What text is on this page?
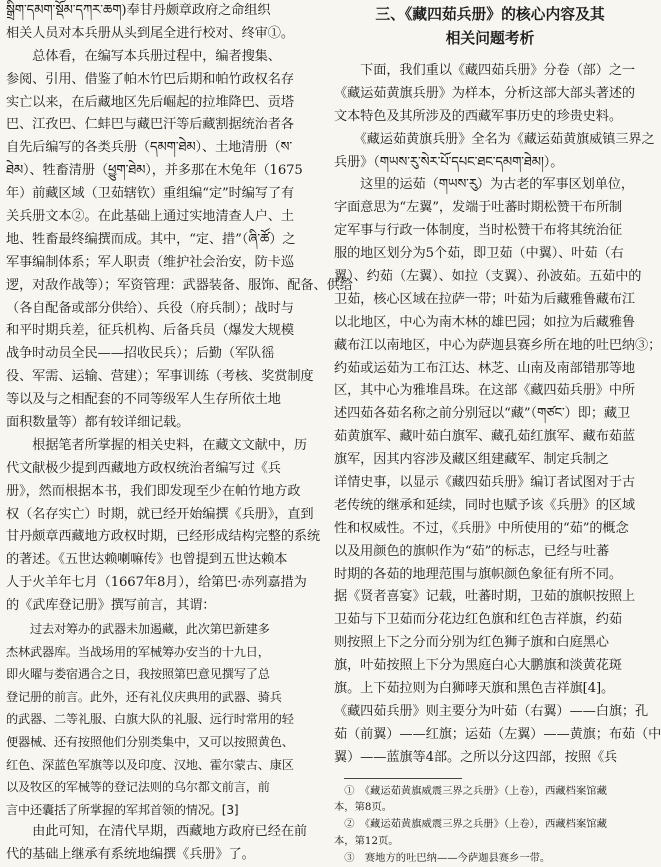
སྒྲིག་དམག་སྡོམ་དཀར་ཆག)奉甘丹颇章政府之命组织
相关人员对本兵册从头到尾全进行校对、终审①。
　　总体看，在编写本兵册过程中，编者搜集、
参阅、引用、借鉴了帕木竹巴后期和帕竹政权名存
实亡以来，在后藏地区先后崛起的拉堆降巴、贡塔
巴、江孜巴、仁蚌巴与藏巴汗等后藏割据统治者各
自先后编写的各类兵册（དམག་ཐེམ）、土地清册（ས་
ཐེམ）、牲畜清册（ཕྱུག་ཐེམ），并多那在木兔年（1675
年）前藏区域（卫茹辖钦）重组编“定”时编写了有
关兵册文本②。在此基础上通过实地清查人户、土
地、牲畜最终编撰而成。其中，“定、措”（ཞི་ཚོ）之
军事编制体系；军人职责（维护社会治安，防卡巡
逻，对敌作战等）；军资管理：武器装备、服饰、配备、供给
（各自配备或部分供给）、兵役（府兵制）；战时与
和平时期兵差，征兵机构、后备兵员（爆发大规模
战争时动员全民——招收民兵）；后勤（军队徭
役、军需、运输、营建）；军事训练（考核、奖赏制度
等以及与之相配套的不同等级军人生存所依土地
面积数量等）都有较详细记载。
　　根据笔者所掌握的相关史料，在藏文文献中，历
代文献极少提到西藏地方政权统治者编写过《兵
册》，然而根据本书，我们即发现至少在帕竹地方政
权（名存实亡）时期，就已经开始编撰《兵册》，直到
甘丹颇章西藏地方政权时期，已经形成结构完整的系统
的著述。《五世达赖喇嘛传》也曾提到五世达赖本
人于火羊年七月（1667年8月），给第巴·赤列嘉措为
的《武库登记册》撰写前言，其谓：
　　过去对筹办的武器未加遏藏，此次第巴新建多
杰林武器库。当战场用的军械筹办安当的十九日，
即火曜与娄宿遇合之日，我按照第巴意见撰写了总
登记册的前言。此外，还有礼仪庆典用的武器、骑兵
的武器、二等礼服、白旗大队的礼服、远行时常用的轻
便器械、还有按照他们分别类集中，又可以按照黄色、
红色、深蓝色军旗等以及印度、汉地、霍尔蒙古、康区
以及牧区的军械等的登记法则的乌尔都文前言，前
言中还囊括了所掌握的军邦首领的情况。[3]
　　由此可知，在清代早期，西藏地方政府已经在前
代的基础上继承有系统地编撰《兵册》了。
三、《藏四茹兵册》的核心内容及其
相关问题考析
　　下面，我们重以《藏四茹兵册》分卷（部）之一
《藏运茹黄旗兵册》为样本，分析这部大部头著述的
文本特色及其所涉及的西藏军事历史的珍贵史料。
　　《藏运茹黄旗兵册》全名为《藏运茹黄旗威镇三界之
兵册》（གཡས་རུ་སེར་པོ་དཔང་ཐང་དམག་ཐེམ།）。
　　这里的运茹（གཡས་རུ）为古老的军事区划单位，
字面意思为“左翼”，发端于吐蕃时期松赞干布所制
定军事与行政一体制度，当时松赞干布将其统治征
服的地区划分为5个茹，即卫茹（中翼）、叶茹（右
翼）、约茹（左翼）、如拉（支翼）、孙波茹。五茹中的
卫茹，核心区域在拉萨一带；叶茹为后藏雅鲁藏布江
以北地区，中心为南木林的雄巴园；如拉为后藏雅鲁
藏布江以南地区，中心为萨迦县赛乡所在地的吐巴纳③；
约茹或运茹为工布江达、林芝、山南及南部错那等地
区，其中心为雅堆昌珠。在这部《藏四茹兵册》中所
述四茹各茹名称之前分别冠以“藏”（གཙང་）即；藏卫
茹黄旗军、藏叶茹白旗军、藏孔茹红旗军、藏布茹蓝
旗军，因其内容涉及藏区组建藏军、制定兵制之
详情史事，以显示《藏四茹兵册》编订者试图对于古
老传统的继承和延续，同时也赋予该《兵册》的区域
性和权威性。不过，《兵册》中所使用的“茹”的概念
以及用颜色的旗帜作为“茹”的标志，已经与吐蕃
时期的各茹的地理范围与旗帜颜色象征有所不同。
据《贤者喜宴》记载，吐蕃时期，卫茹的旗帜按照上
卫茹与下卫茹而分花边红色旗和红色吉祥旗，约茹
则按照上下之分而分别为红色狮子旗和白庭黑心
旗，叶茹按照上下分为黑庭白心大鹏旗和淡黄花斑
旗。上下茹拉则为白狮哮天旗和黑色吉祥旗[4]。
《藏四茹兵册》则主要分为叶茹（右翼）——白旗；孔
茹（前翼）——红旗；运茹（左翼）——黄旗；布茹（中
翼）——蓝旗等4部。之所以分这四部，按照《兵
　①　《藏运茹黄旗威震三界之兵册》（上卷），西藏档案馆藏
本，第8页。
　②　《藏运茹黄旗威震三界之兵册》（上卷），西藏档案馆藏
本，第12页。
　③　赛地方的吐巴纳——今萨迦县赛乡一带。
